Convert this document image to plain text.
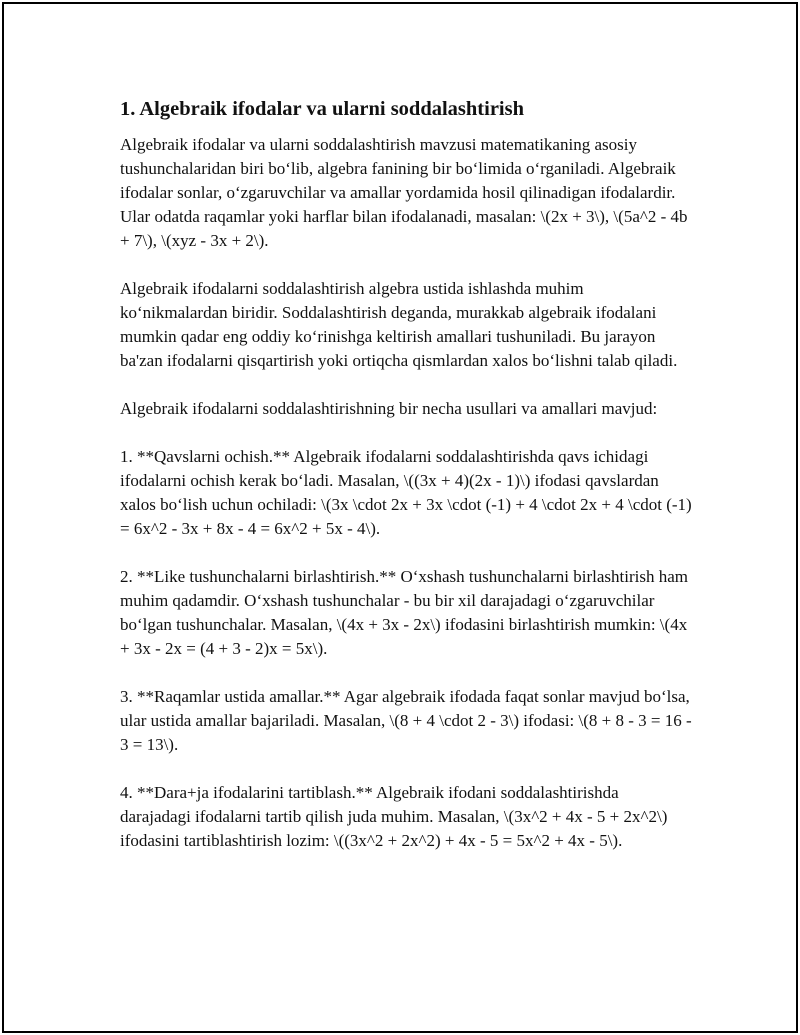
1. Algebraik ifodalar va ularni soddalashtirish

Algebraik ifodalar va ularni soddalashtirish mavzusi matematikaning asosiy tushunchalaridan biri bo‘lib, algebra fanining bir bo‘limida o‘rganiladi. Algebraik ifodalar sonlar, o‘zgaruvchilar va amallar yordamida hosil qilinadigan ifodalardir. Ular odatda raqamlar yoki harflar bilan ifodalanadi, masalan: \(2x + 3\), \(5a^2 - 4b + 7\), \(xyz - 3x + 2\).

Algebraik ifodalarni soddalashtirish algebra ustida ishlashda muhim ko‘nikmalardan biridir. Soddalashtirish deganda, murakkab algebraik ifodalani mumkin qadar eng oddiy ko‘rinishga keltirish amallari tushuniladi. Bu jarayon ba'zan ifodalarni qisqartirish yoki ortiqcha qismlardan xalos bo‘lishni talab qiladi.

Algebraik ifodalarni soddalashtirishning bir necha usullari va amallari mavjud:

1. **Qavslarni ochish.** Algebraik ifodalarni soddalashtirishda qavs ichidagi ifodalarni ochish kerak bo‘ladi. Masalan, \((3x + 4)(2x - 1)\) ifodasi qavslardan xalos bo‘lish uchun ochiladi: \(3x \cdot 2x + 3x \cdot (-1) + 4 \cdot 2x + 4 \cdot (-1) = 6x^2 - 3x + 8x - 4 = 6x^2 + 5x - 4\).

2. **Like tushunchalarni birlashtirish.** O‘xshash tushunchalarni birlashtirish ham muhim qadamdir. O‘xshash tushunchalar - bu bir xil darajadagi o‘zgaruvchilar bo‘lgan tushunchalar. Masalan, \(4x + 3x - 2x\) ifodasini birlashtirish mumkin: \(4x + 3x - 2x = (4 + 3 - 2)x = 5x\).

3. **Raqamlar ustida amallar.** Agar algebraik ifodada faqat sonlar mavjud bo‘lsa, ular ustida amallar bajariladi. Masalan, \(8 + 4 \cdot 2 - 3\) ifodasi: \(8 + 8 - 3 = 16 - 3 = 13\).

4. **Dara+ja ifodalarini tartiblash.** Algebraik ifodani soddalashtirishda darajadagi ifodalarni tartib qilish juda muhim. Masalan, \(3x^2 + 4x - 5 + 2x^2\) ifodasini tartiblashtirish lozim: \((3x^2 + 2x^2) + 4x - 5 = 5x^2 + 4x - 5\).
